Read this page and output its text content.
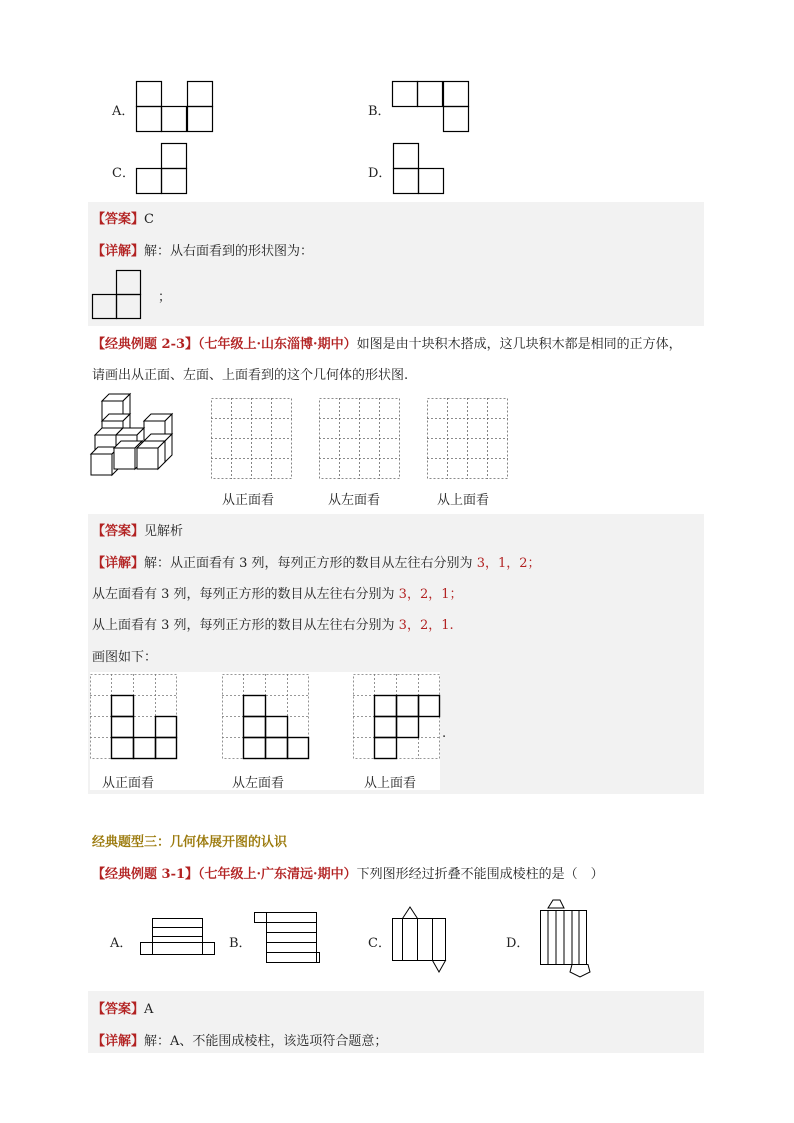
A．	B．
C．	D．
【答案】C
【详解】解：从右面看到的形状图为：
；
【经典例题 2-3】（七年级上·山东淄博·期中）如图是由十块积木搭成，这几块积木都是相同的正方体，
请画出从正面、左面、上面看到的这个几何体的形状图.
从正面看	从左面看	从上面看
【答案】见解析
【详解】解：从正面看有 3 列，每列正方形的数目从左往右分别为 3，1，2；
从左面看有 3 列，每列正方形的数目从左往右分别为 3，2，1；
从上面看有 3 列，每列正方形的数目从左往右分别为 3，2，1.
画图如下：
.
从正面看	从左面看	从上面看
经典题型三：几何体展开图的认识
【经典例题 3-1】（七年级上·广东清远·期中）下列图形经过折叠不能围成棱柱的是（　）
A．	B．	C．	D．
【答案】A
【详解】解：A、不能围成棱柱，该选项符合题意；
